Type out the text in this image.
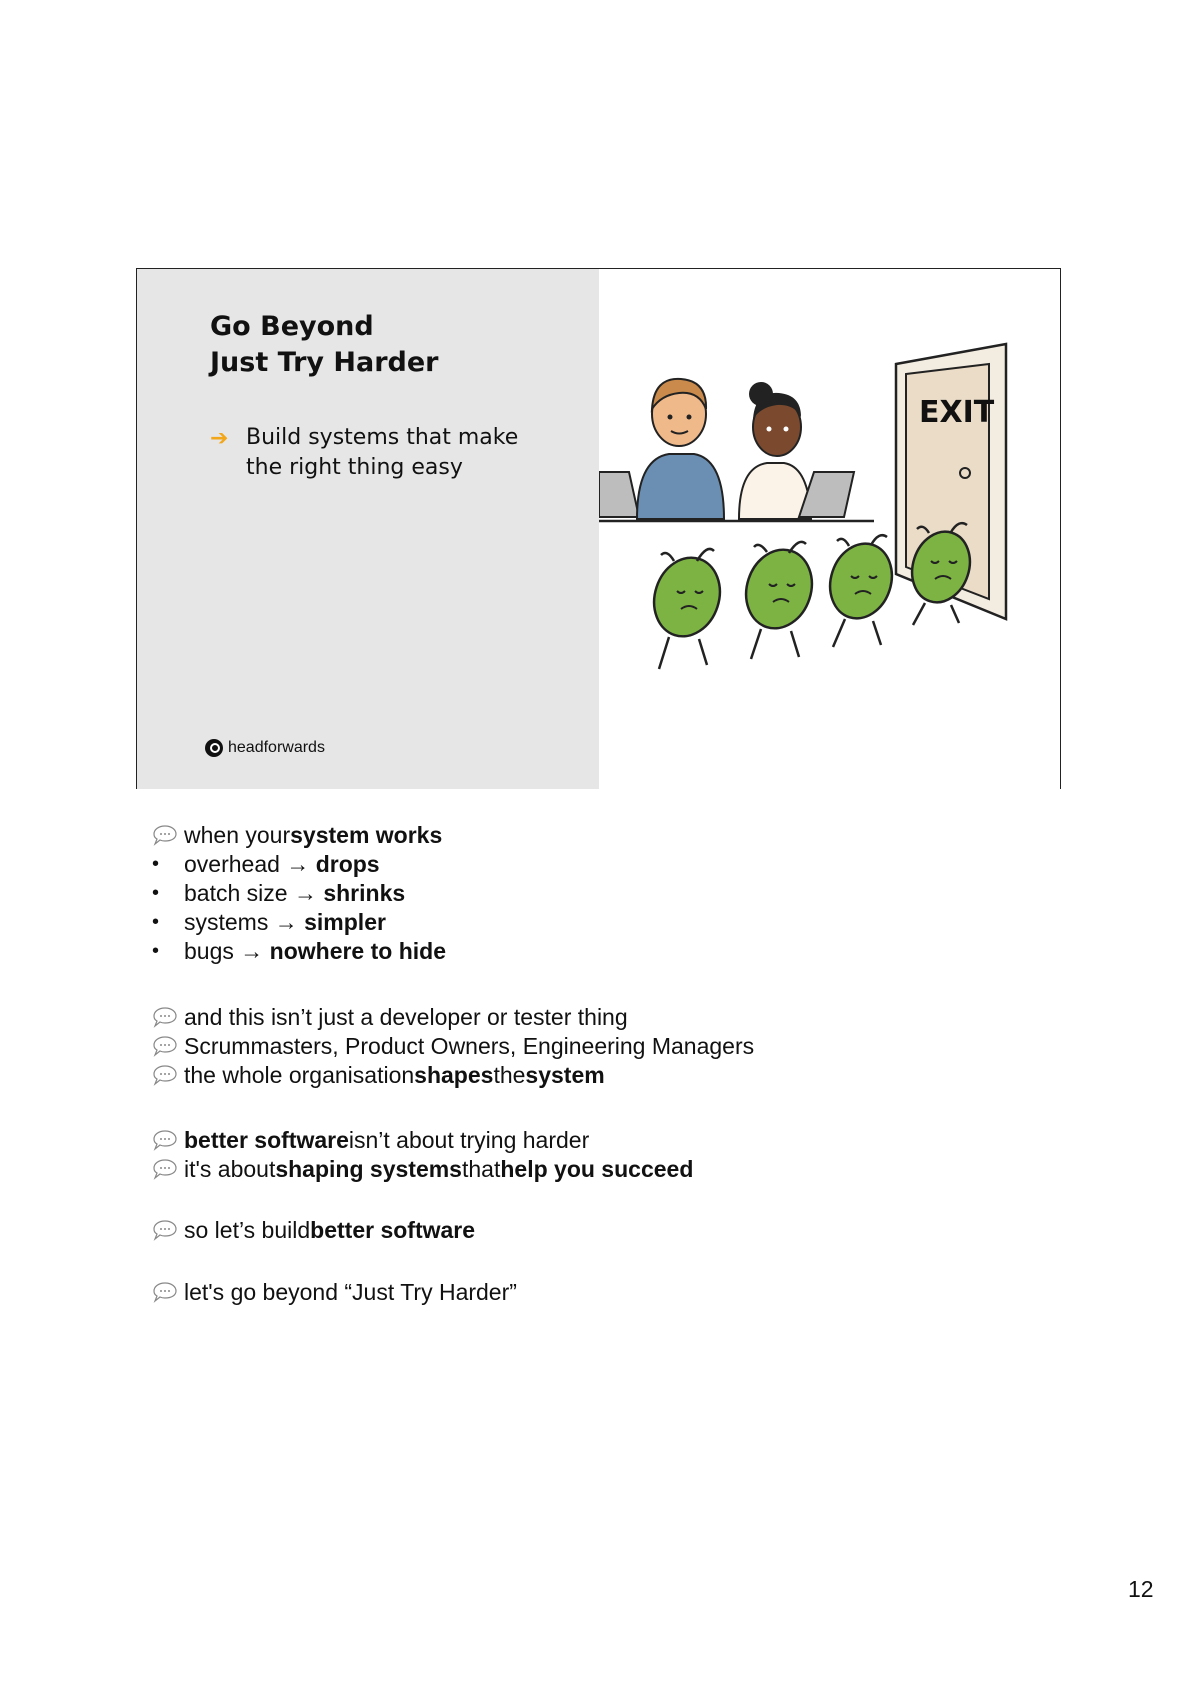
Go Beyond
Just Try Harder
➔ Build systems that make the right thing easy
headforwards
EXIT
when your system works
•	overhead
→
drops
•	batch size
→
shrinks
•	systems
→
simpler
•	bugs
→
nowhere to hide
and this isn’t just a developer or tester thing
Scrummasters, Product Owners, Engineering Managers
the whole organisation shapes the system
better software isn’t about trying harder
it's about shaping systems that help you succeed
so let’s build better software
let's go beyond “Just Try Harder”
12
